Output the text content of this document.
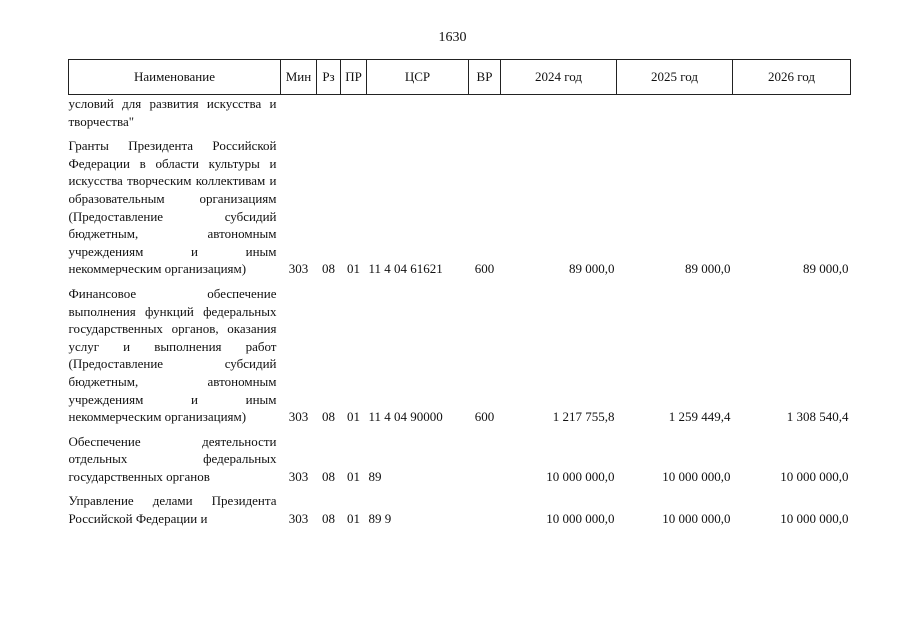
1630
Наименование	Мин	Рз	ПР	ЦСР	ВР	2024 год	2025 год	2026 год
условий для развития искусства и творчества"								
Гранты Президента Российской Федерации в области культуры и искусства творческим коллективам и образовательным организациям (Предоставление субсидий бюджетным, автономным учреждениям и иным некоммерческим организациям)	303	08	01	11 4 04 61621	600	89 000,0	89 000,0	89 000,0
Финансовое обеспечение выполнения функций федеральных государственных органов, оказания услуг и выполнения работ (Предоставление субсидий бюджетным, автономным учреждениям и иным некоммерческим организациям)	303	08	01	11 4 04 90000	600	1 217 755,8	1 259 449,4	1 308 540,4
Обеспечение деятельности отдельных федеральных государственных органов	303	08	01	89		10 000 000,0	10 000 000,0	10 000 000,0
Управление делами Президента Российской Федерации и	303	08	01	89 9		10 000 000,0	10 000 000,0	10 000 000,0
